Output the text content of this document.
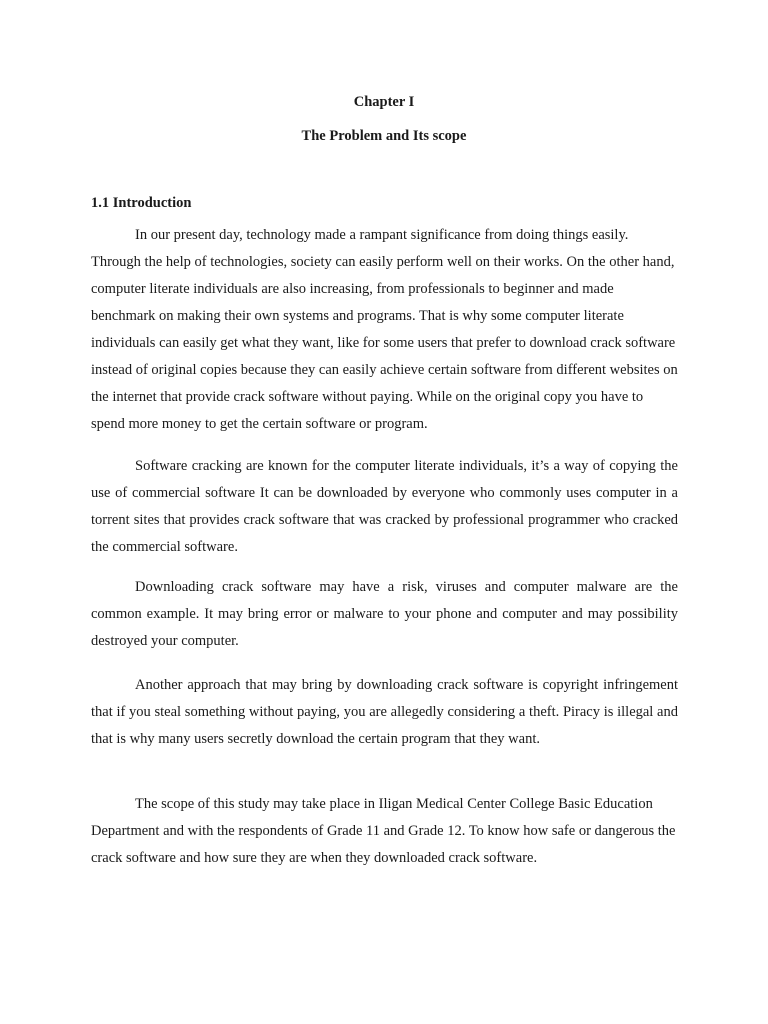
Chapter I
The Problem and Its scope
1.1 Introduction

In our present day, technology made a rampant significance from doing things easily. Through the help of technologies, society can easily perform well on their works. On the other hand, computer literate individuals are also increasing, from professionals to beginner and made benchmark on making their own systems and programs. That is why some computer literate individuals can easily get what they want, like for some users that prefer to download crack software instead of original copies because they can easily achieve certain software from different websites on the internet that provide crack software without paying. While on the original copy you have to spend more money to get the certain software or program.

Software cracking are known for the computer literate individuals, it’s a way of copying the use of commercial software It can be downloaded by everyone who commonly uses computer in a torrent sites that provides crack software that was cracked by professional programmer who cracked the commercial software.

Downloading crack software may have a risk, viruses and computer malware are the common example. It may bring error or malware to your phone and computer and may possibility destroyed your computer.

Another approach that may bring by downloading crack software is copyright infringement that if you steal something without paying, you are allegedly considering a theft. Piracy is illegal and that is why many users secretly download the certain program that they want.

The scope of this study may take place in Iligan Medical Center College Basic Education Department and with the respondents of Grade 11 and Grade 12. To know how safe or dangerous the crack software and how sure they are when they downloaded crack software.
